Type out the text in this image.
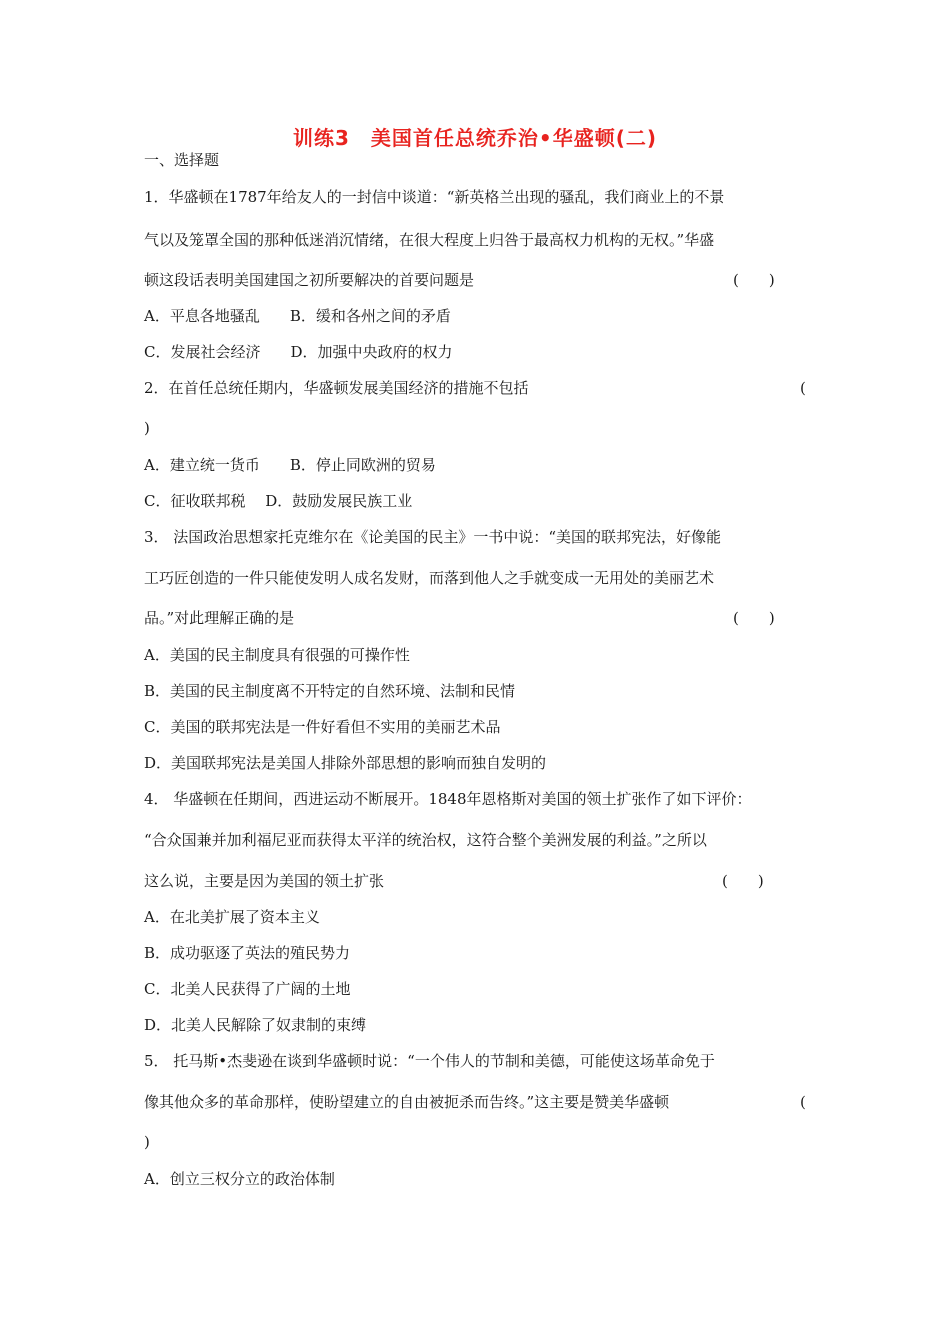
训练3　美国首任总统乔治•华盛顿(二)
一、选择题
1．华盛顿在1787年给友人的一封信中谈道：“新英格兰出现的骚乱，我们商业上的不景
气以及笼罩全国的那种低迷消沉情绪，在很大程度上归咎于最高权力机构的无权。”华盛
顿这段话表明美国建国之初所要解决的首要问题是	(　　)
A．平息各地骚乱　　B．缓和各州之间的矛盾
C．发展社会经济　　D．加强中央政府的权力
2．在首任总统任期内，华盛顿发展美国经济的措施不包括	(
)
A．建立统一货币　　B．停止同欧洲的贸易
C．征收联邦税　 D．鼓励发展民族工业
3． 法国政治思想家托克维尔在《论美国的民主》一书中说：“美国的联邦宪法，好像能
工巧匠创造的一件只能使发明人成名发财，而落到他人之手就变成一无用处的美丽艺术
品。”对此理解正确的是	(　　)
A．美国的民主制度具有很强的可操作性
B．美国的民主制度离不开特定的自然环境、法制和民情
C．美国的联邦宪法是一件好看但不实用的美丽艺术品
D．美国联邦宪法是美国人排除外部思想的影响而独自发明的
4． 华盛顿在任期间，西进运动不断展开。1848年恩格斯对美国的领土扩张作了如下评价：
“合众国兼并加利福尼亚而获得太平洋的统治权，这符合整个美洲发展的利益。”之所以
这么说，主要是因为美国的领土扩张	(　　)
A．在北美扩展了资本主义
B．成功驱逐了英法的殖民势力
C．北美人民获得了广阔的土地
D．北美人民解除了奴隶制的束缚
5． 托马斯•杰斐逊在谈到华盛顿时说：“一个伟人的节制和美德，可能使这场革命免于
像其他众多的革命那样，使盼望建立的自由被扼杀而告终。”这主要是赞美华盛顿	(
)
A．创立三权分立的政治体制
